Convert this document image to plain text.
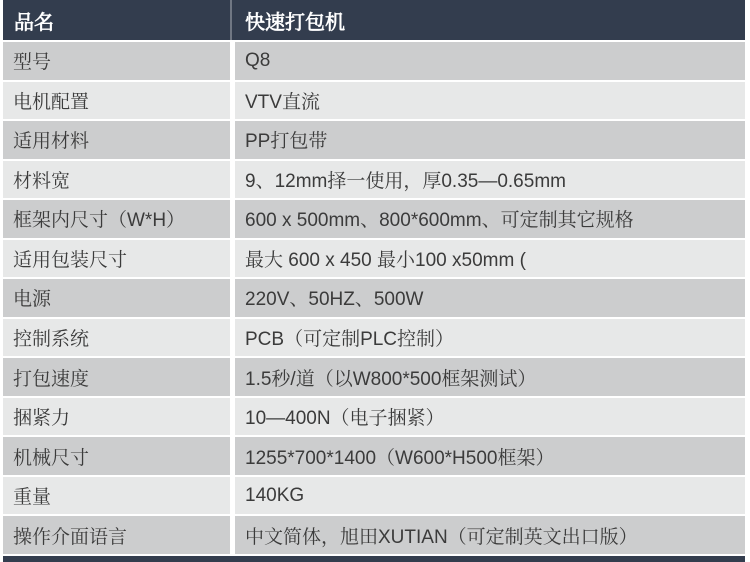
品名	快速打包机
型号	Q8
电机配置	VTV直流
适用材料	PP打包带
材料宽	9、12mm择一使用，厚0.35—0.65mm
框架内尺寸（W*H）	600 x 500mm、800*600mm、可定制其它规格
适用包装尺寸	最大 600 x 450 最小100 x50mm (
电源	220V、50HZ、500W
控制系统	PCB（可定制PLC控制）
打包速度	1.5秒/道（以W800*500框架测试）
捆紧力	10—400N（电子捆紧）
机械尺寸	1255*700*1400（W600*H500框架）
重量	140KG
操作介面语言	中文简体，旭田XUTIAN（可定制英文出口版）
